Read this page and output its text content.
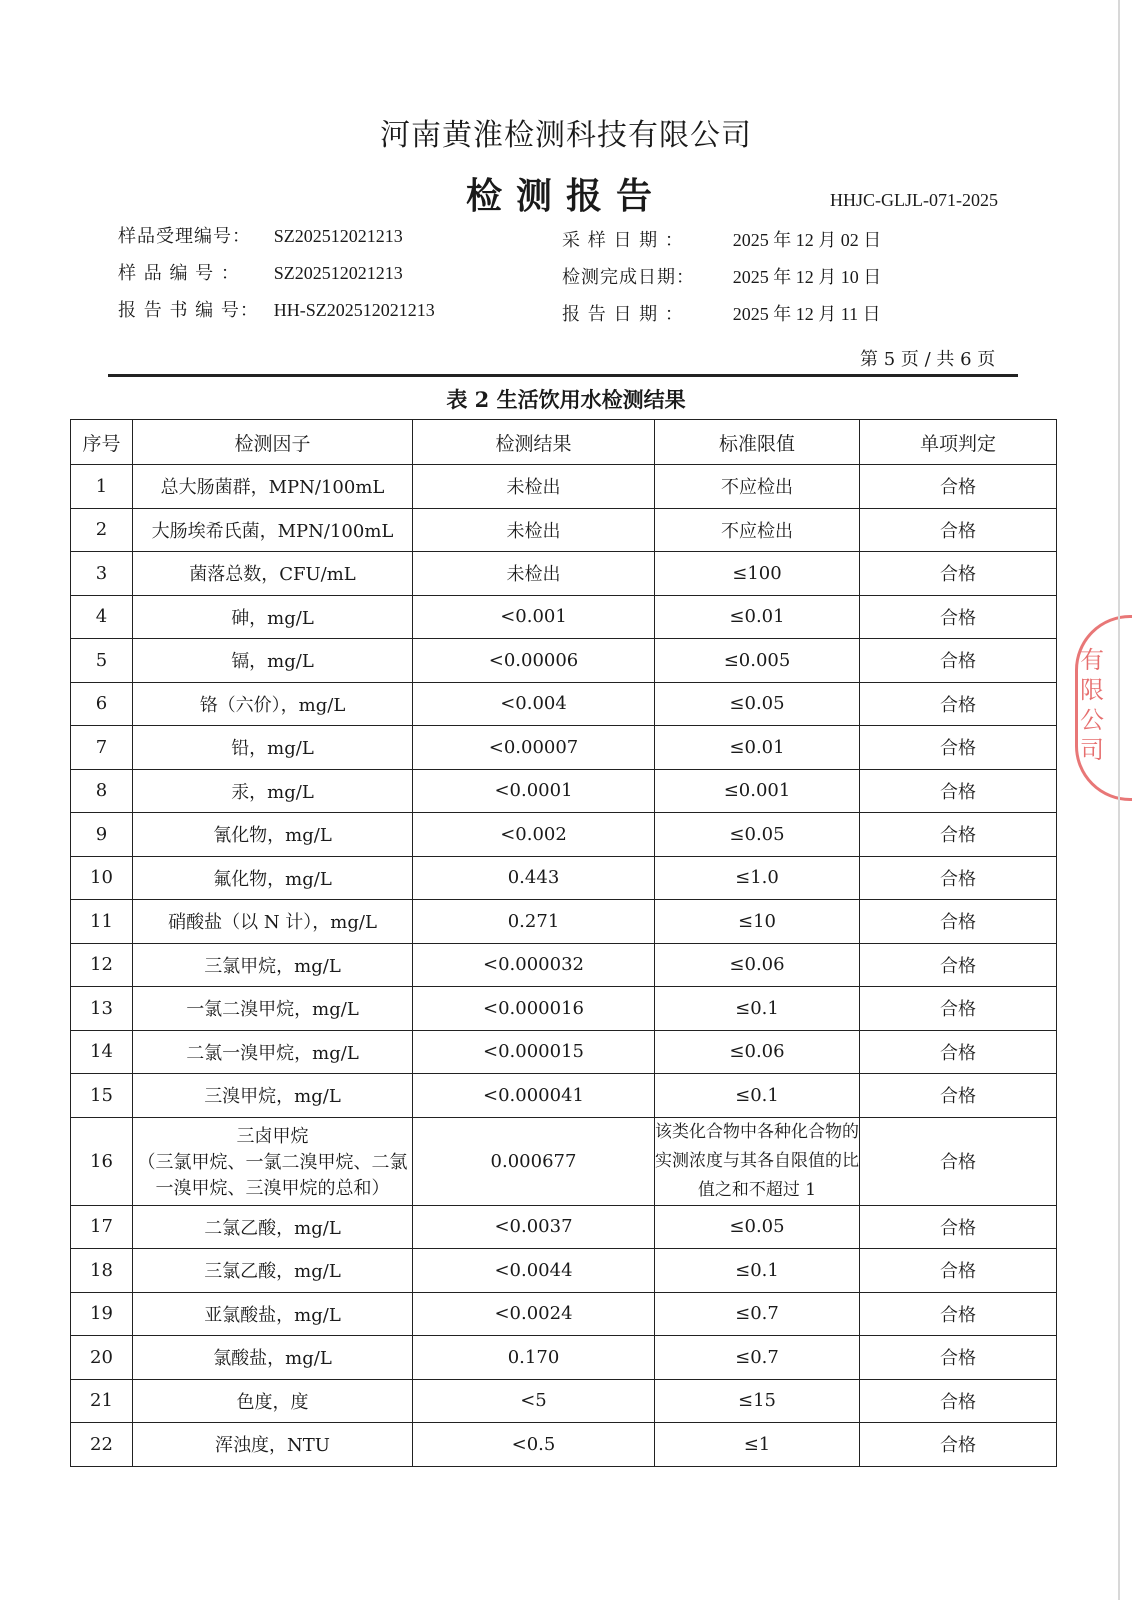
河南黄淮检测科技有限公司
检测报告	HHJC-GLJL-071-2025
样品受理编号： SZ202512021213
样 品 编 号 ： SZ202512021213
报 告 书 编 号： HH-SZ202512021213
采 样 日 期 ：	2025 年 12 月 02 日
检测完成日期： 2025 年 12 月 10 日
报 告 日 期 ：	2025 年 12 月 11 日
第 5 页 / 共 6 页
表 2 生活饮用水检测结果
序号	检测因子	检测结果	标准限值	单项判定
1	总大肠菌群，MPN/100mL	未检出	不应检出	合格
2	大肠埃希氏菌，MPN/100mL	未检出	不应检出	合格
3	菌落总数，CFU/mL	未检出	≤100	合格
4	砷，mg/L	<0.001	≤0.01	合格
5	镉，mg/L	<0.00006	≤0.005	合格
6	铬（六价），mg/L	<0.004	≤0.05	合格
7	铅，mg/L	<0.00007	≤0.01	合格
8	汞，mg/L	<0.0001	≤0.001	合格
9	氰化物，mg/L	<0.002	≤0.05	合格
10	氟化物，mg/L	0.443	≤1.0	合格
11	硝酸盐（以 N 计），mg/L	0.271	≤10	合格
12	三氯甲烷，mg/L	<0.000032	≤0.06	合格
13	一氯二溴甲烷，mg/L	<0.000016	≤0.1	合格
14	二氯一溴甲烷，mg/L	<0.000015	≤0.06	合格
15	三溴甲烷，mg/L	<0.000041	≤0.1	合格
16	三卤甲烷
（三氯甲烷、一氯二溴甲烷、二氯一溴甲烷、三溴甲烷的总和）	0.000677	该类化合物中各种化合物的实测浓度与其各自限值的比值之和不超过 1	合格
17	二氯乙酸，mg/L	<0.0037	≤0.05	合格
18	三氯乙酸，mg/L	<0.0044	≤0.1	合格
19	亚氯酸盐，mg/L	<0.0024	≤0.7	合格
20	氯酸盐，mg/L	0.170	≤0.7	合格
21	色度，度	<5	≤15	合格
22	浑浊度，NTU	<0.5	≤1	合格
有限公司
